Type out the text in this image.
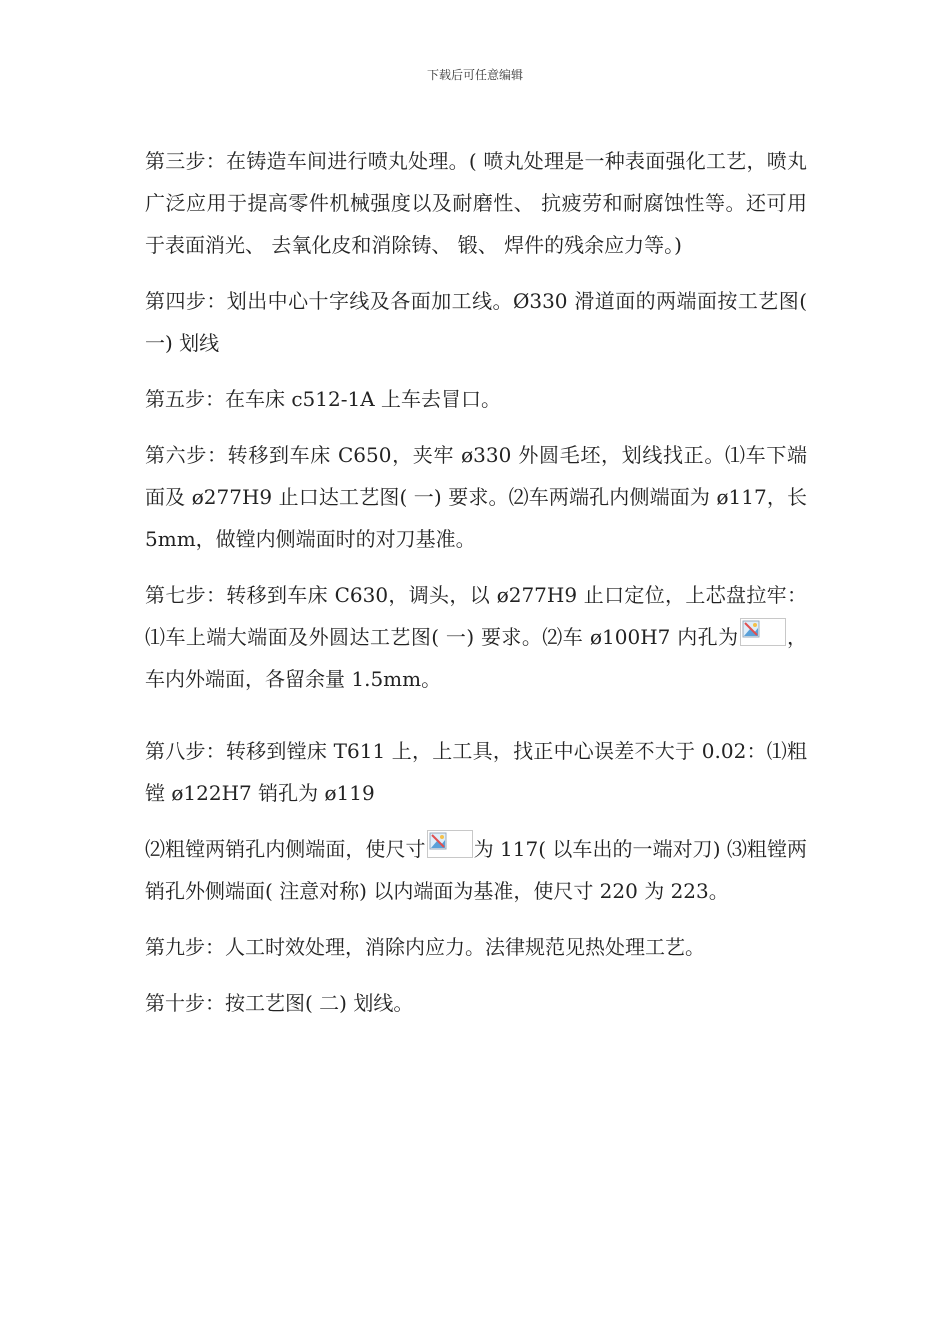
下载后可任意编辑

第三步：在铸造车间进行喷丸处理。( 喷丸处理是一种表面强化工艺，喷丸广泛应用于提高零件机械强度以及耐磨性、 抗疲劳和耐腐蚀性等。还可用于表面消光、 去氧化皮和消除铸、 锻、 焊件的残余应力等。)

第四步：划出中心十字线及各面加工线。Ø330 滑道面的两端面按工艺图( 一) 划线

第五步：在车床 c512-1A 上车去冒口。

第六步：转移到车床 C650，夹牢 ø330 外圆毛坯，划线找正。⑴车下端面及 ø277H9 止口达工艺图( 一) 要求。⑵车两端孔内侧端面为 ø117，长 5mm，做镗内侧端面时的对刀基准。

第七步：转移到车床 C630，调头，以 ø277H9 止口定位，上芯盘拉牢：⑴车上端大端面及外圆达工艺图( 一) 要求。⑵车 ø100H7 内孔为 ，车内外端面，各留余量 1.5mm。

第八步：转移到镗床 T611 上，上工具，找正中心误差不大于 0.02：⑴粗镗 ø122H7 销孔为 ø119

⑵粗镗两销孔内侧端面，使尺寸 为 117( 以车出的一端对刀) ⑶粗镗两销孔外侧端面( 注意对称) 以内端面为基准，使尺寸 220 为 223。

第九步：人工时效处理，消除内应力。法律规范见热处理工艺。

第十步：按工艺图( 二) 划线。
